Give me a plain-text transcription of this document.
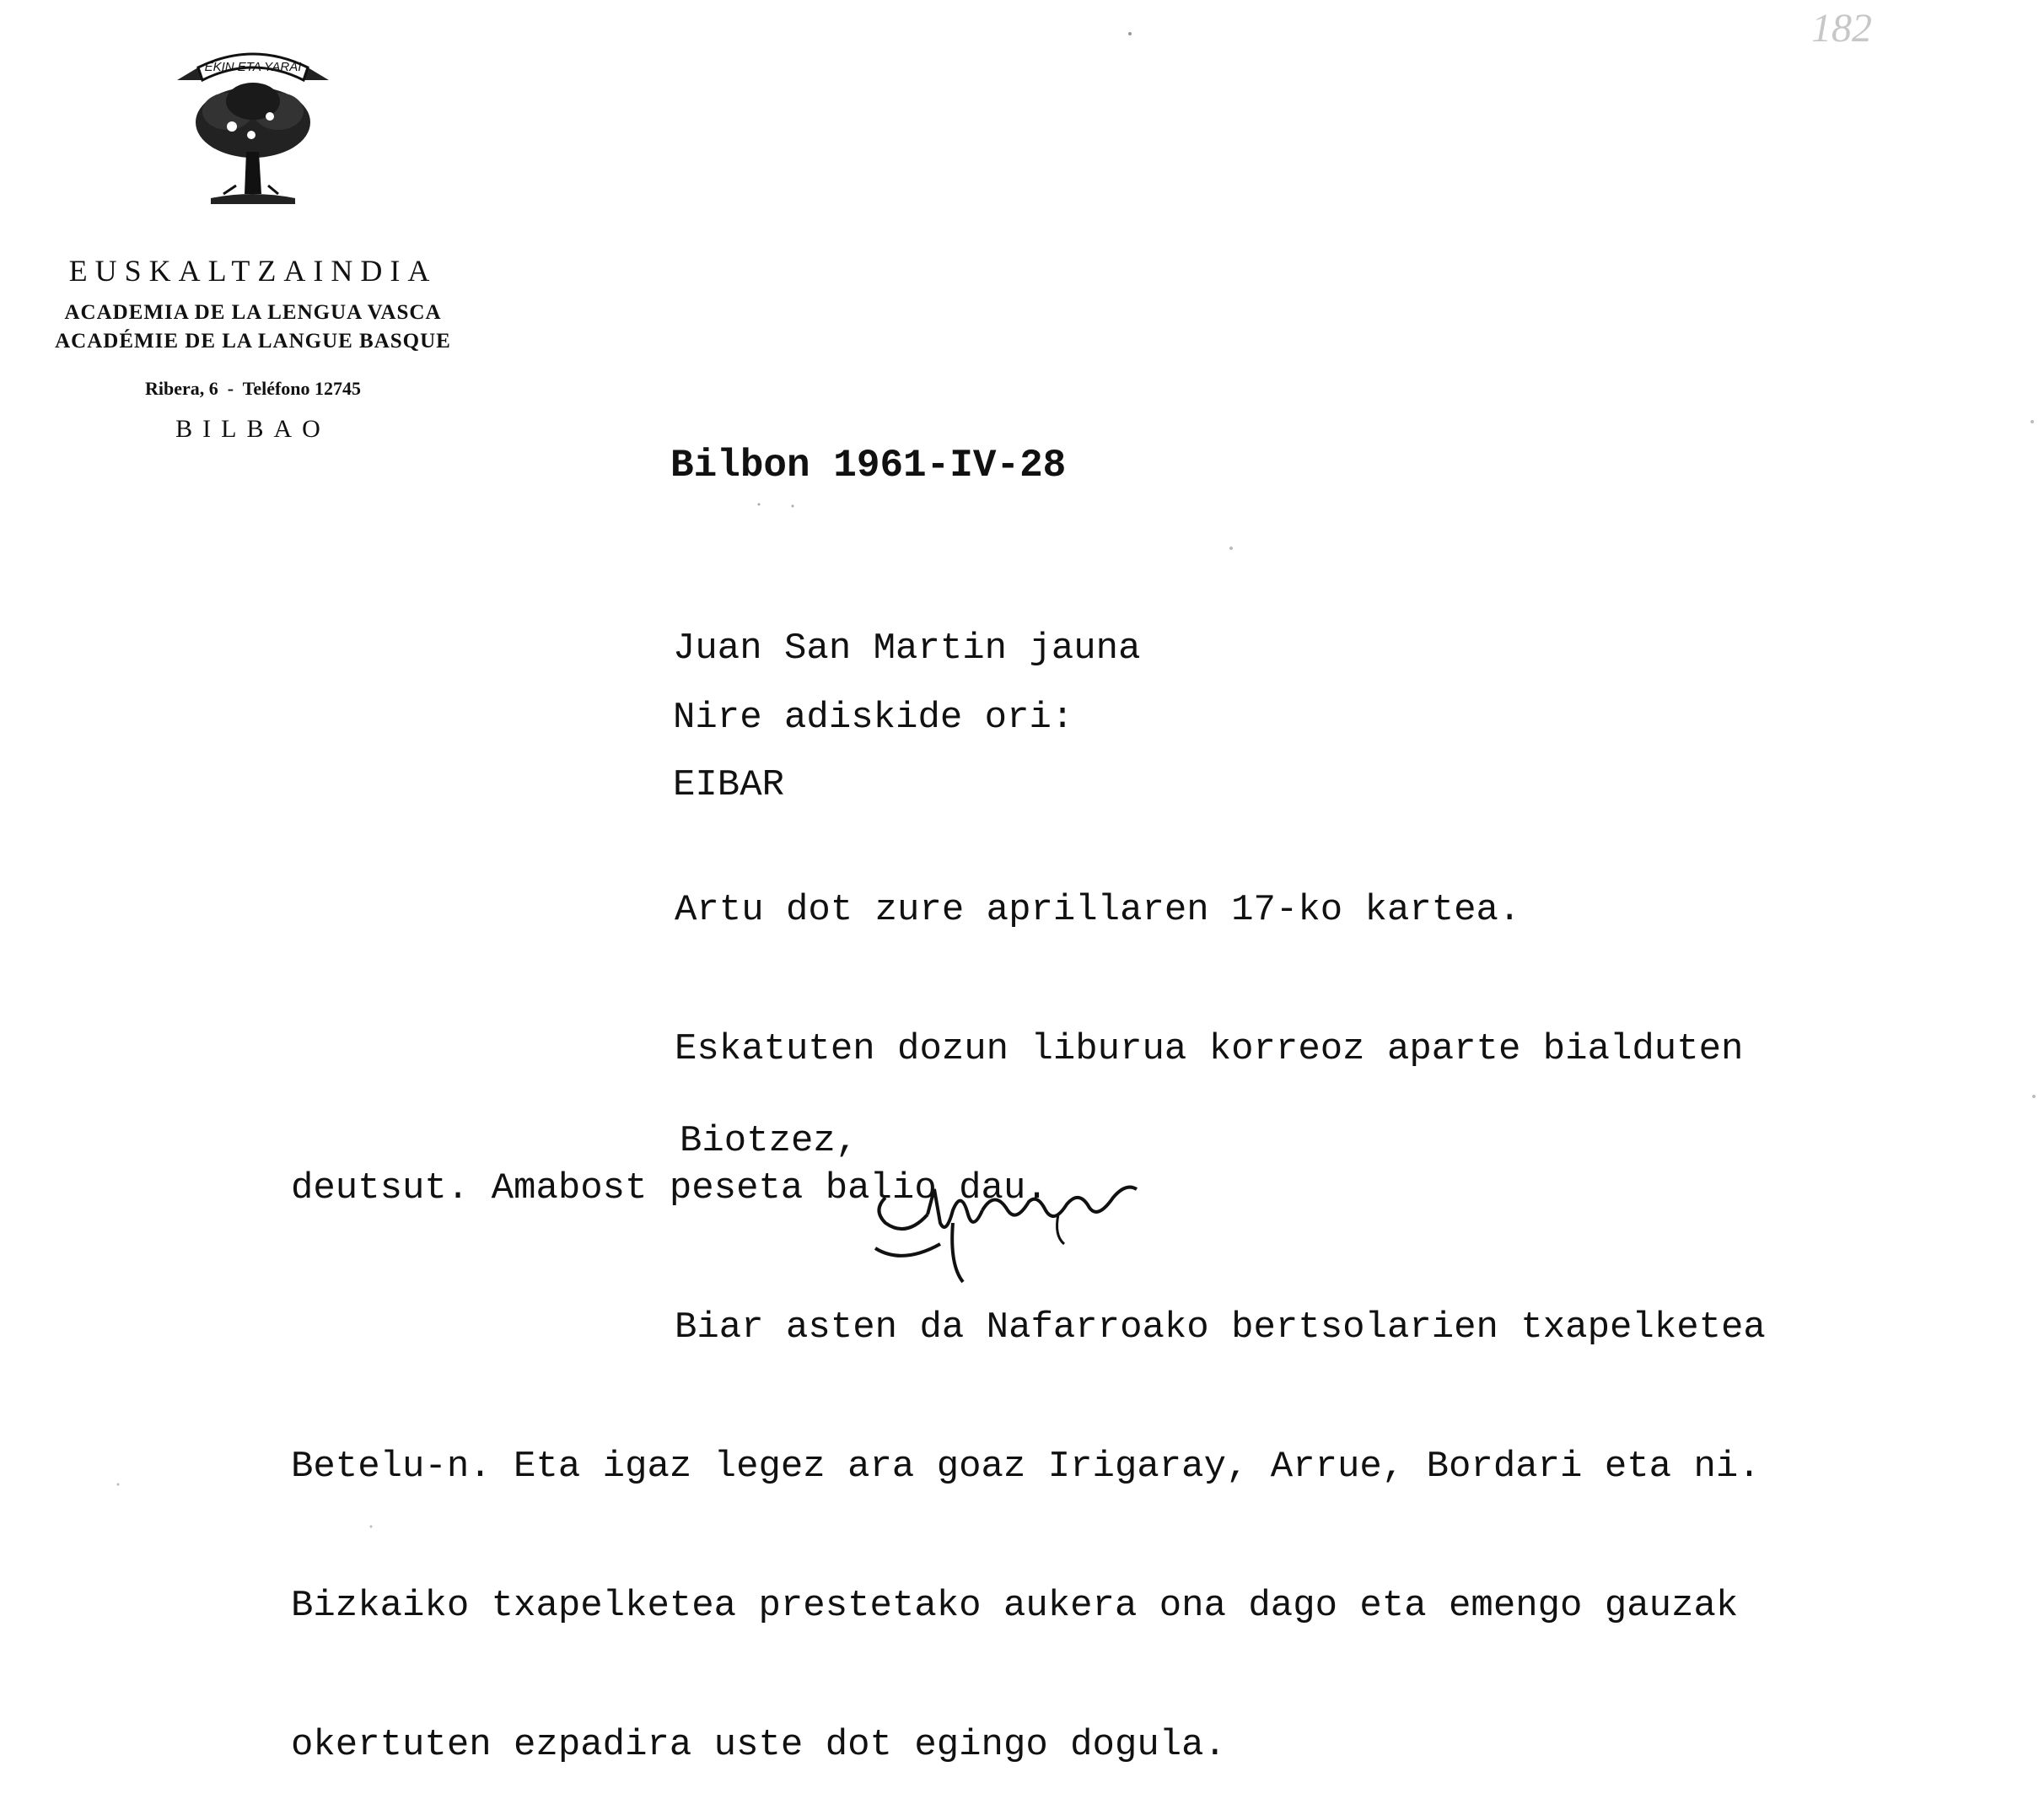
EKIN ETA YARAI
EUSKALTZAINDIA
ACADEMIA DE LA LENGUA VASCA
ACADÉMIE DE LA LANGUE BASQUE
Ribera, 6  -  Teléfono 12745
BILBAO
182
Bilbon 1961-IV-28

Juan San Martin jauna

EIBAR

Nire adiskide ori:

Artu dot zure aprillaren 17-ko kartea.

Eskatuten dozun liburua korreoz aparte bialduten

deutsut. Amabost peseta balio dau.

Biar asten da Nafarroako bertsolarien txapelketea

Betelu-n. Eta igaz legez ara goaz Irigaray, Arrue, Bordari eta ni.

Bizkaiko txapelketea prestetako aukera ona dago eta emengo gauzak

okertuten ezpadira uste dot egingo dogula.

Biotzez,
